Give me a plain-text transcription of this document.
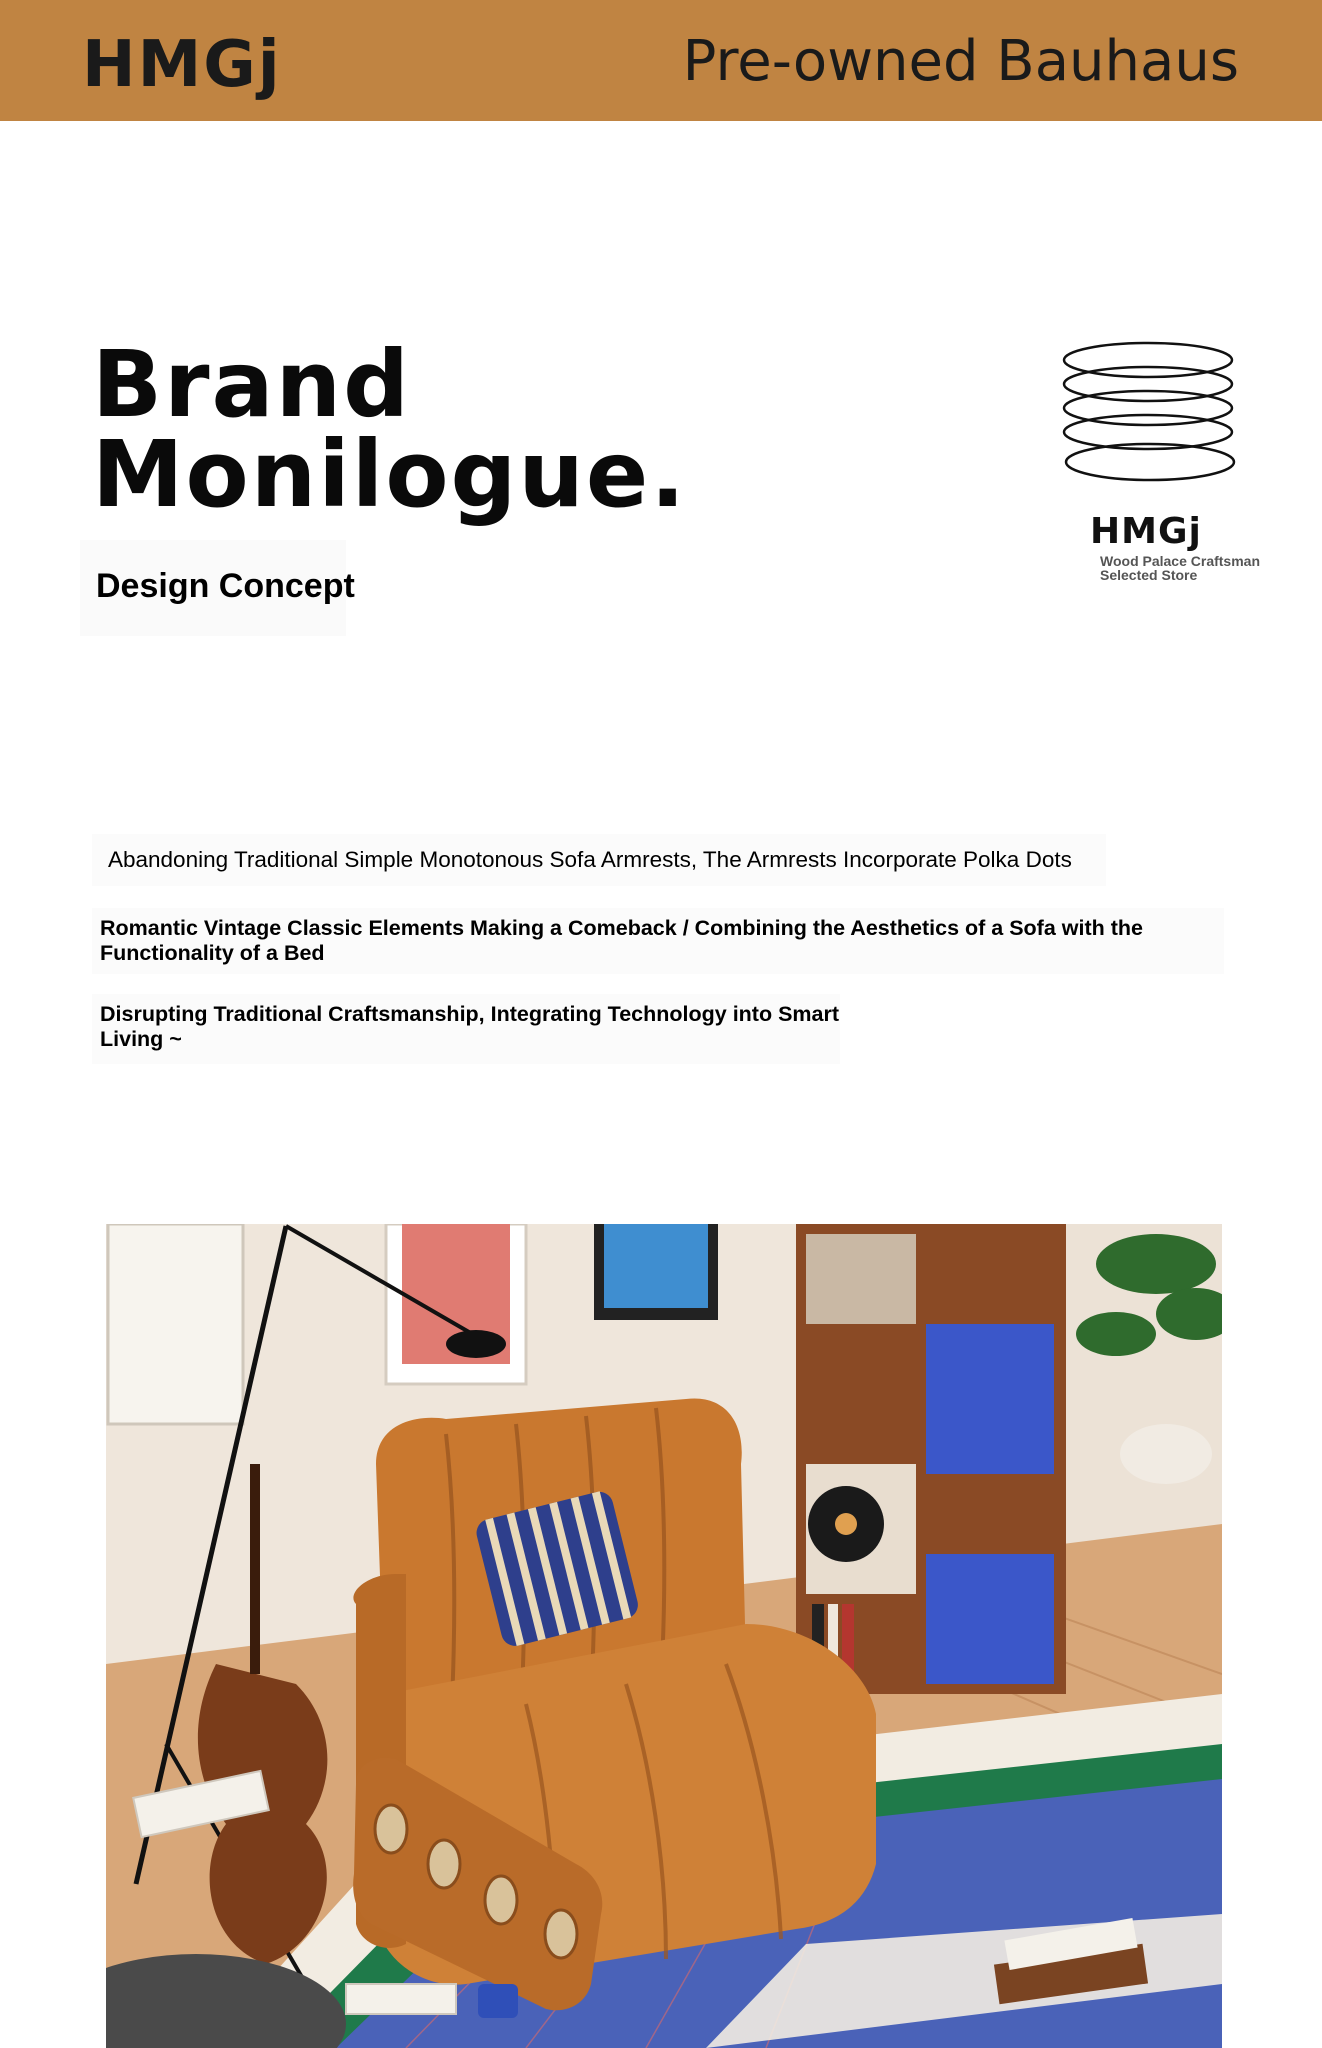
HMGj	Pre-owned Bauhaus
Brand
Monilogue.
Design Concept
HMGj
Wood Palace Craftsman Selected Store
Abandoning Traditional Simple Monotonous Sofa Armrests, The Armrests Incorporate Polka Dots
Romantic Vintage Classic Elements Making a Comeback / Combining the Aesthetics of a Sofa with the Functionality of a Bed
Disrupting Traditional Craftsmanship, Integrating Technology into Smart Living ~
